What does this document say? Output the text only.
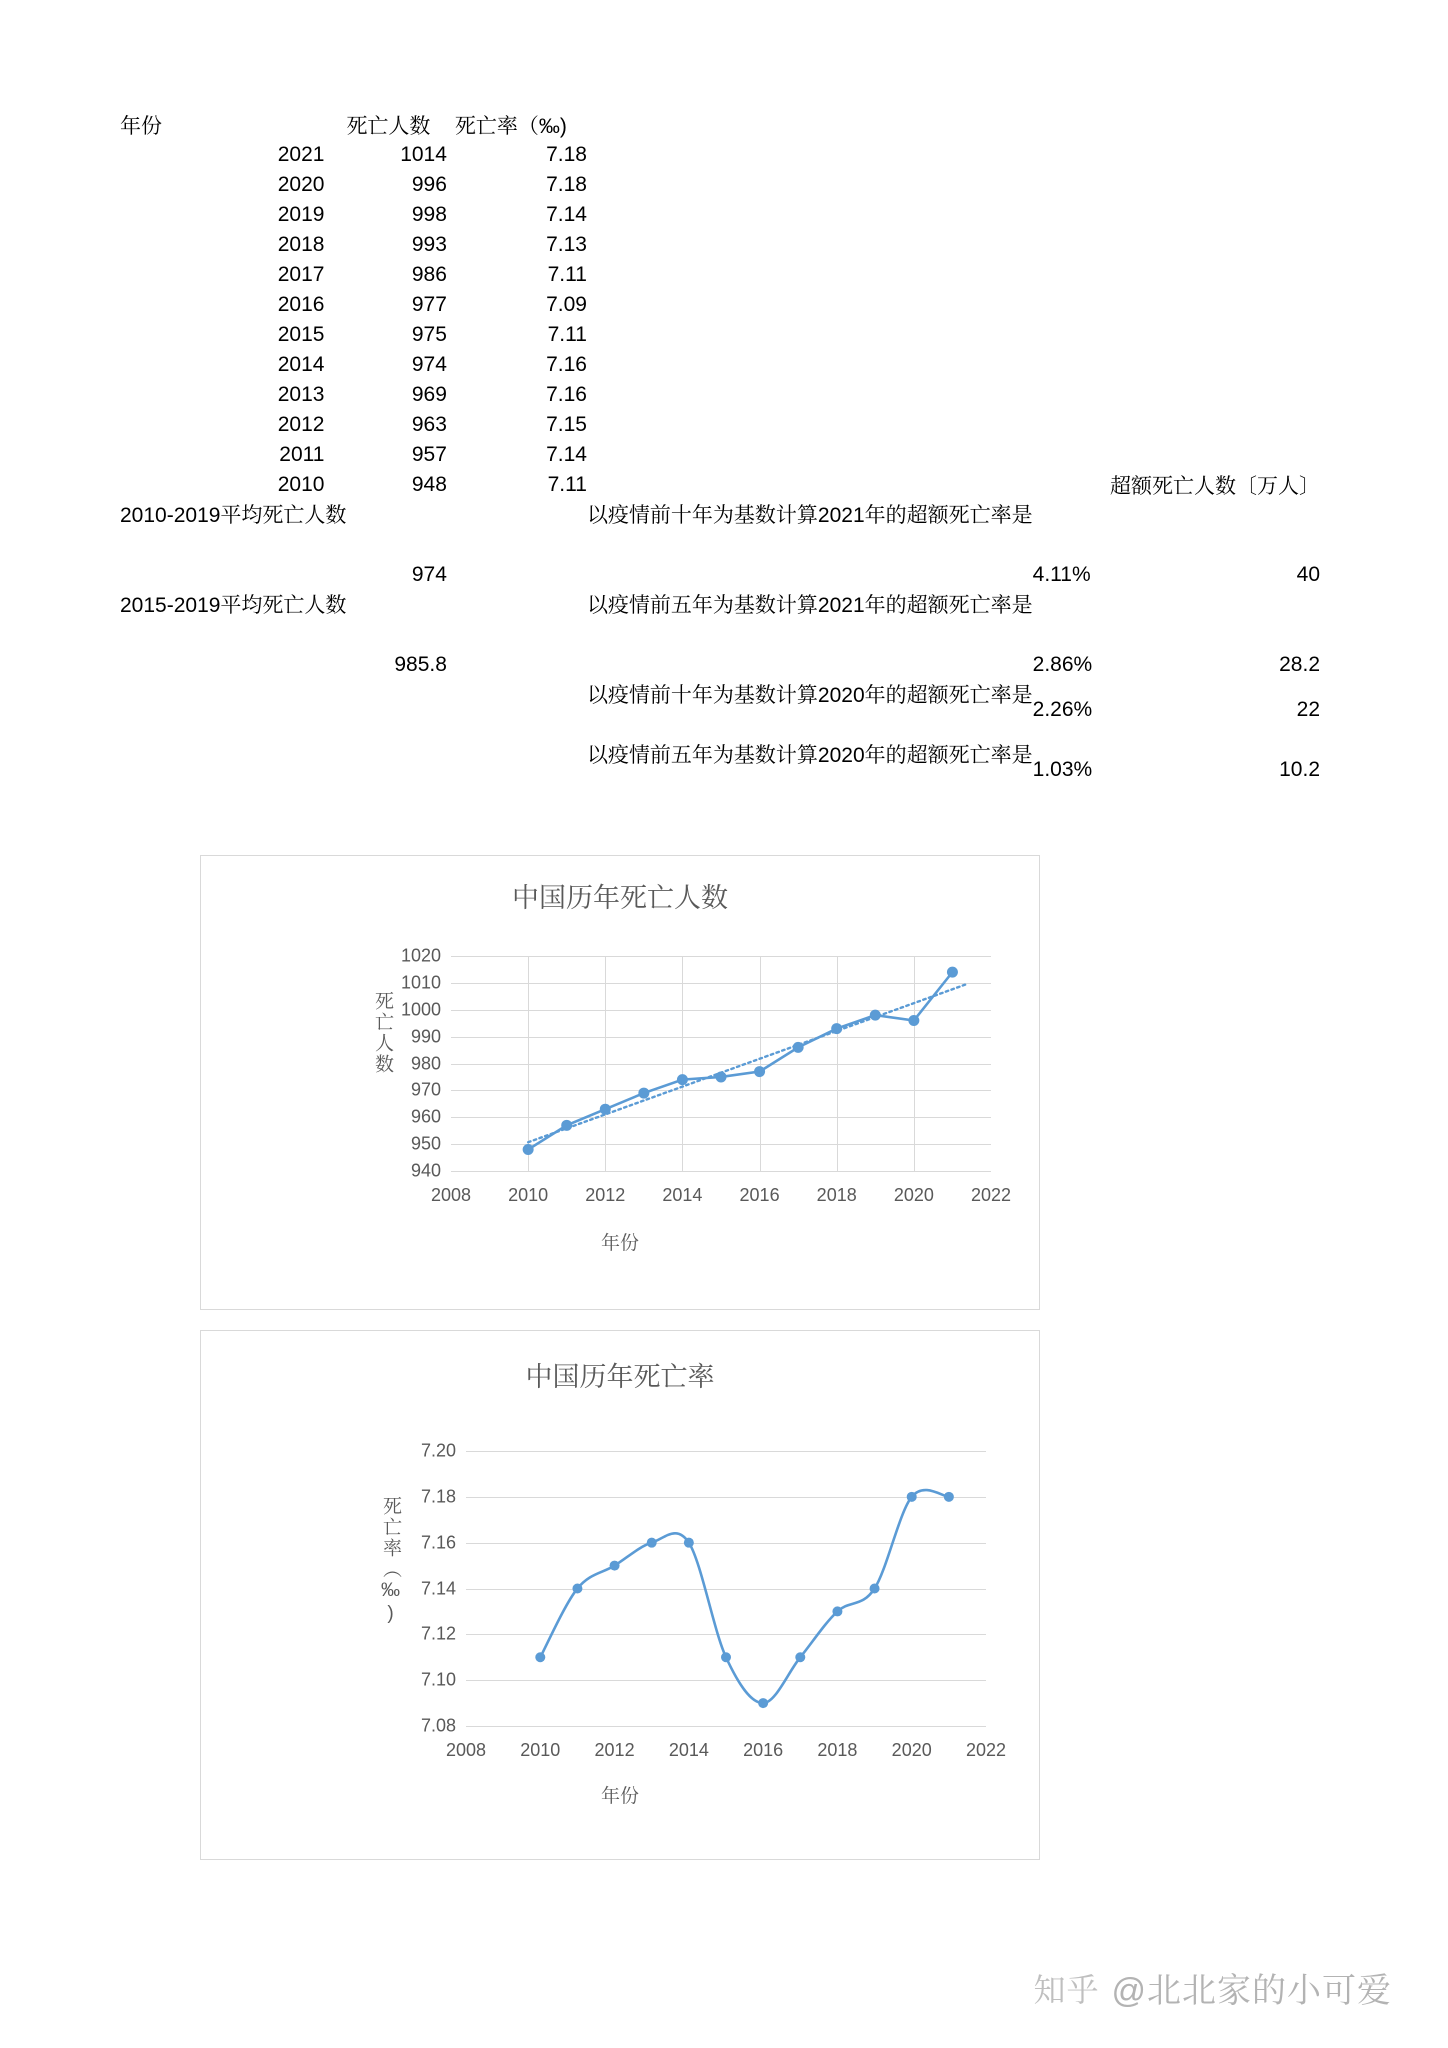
年份	死亡人数	死亡率（‰)			

2021	1014	7.18			

2020	996	7.18			

2019	998	7.14			

2018	993	7.13			

2017	986	7.11			

2016	977	7.09			

2015	975	7.11			

2014	974	7.16			

2013	969	7.16			

2012	963	7.15			

2011	957	7.14			

2010	948	7.11			超额死亡人数〔万人〕
2010-2019平均死亡人数			以疫情前十年为基数计算2021年的超额死亡率是		

	974			4.11%	40
2015-2019平均死亡人数			以疫情前五年为基数计算2021年的超额死亡率是		

	985.8			2.86%	28.2
			以疫情前十年为基数计算2020年的超额死亡率是	2.26%	22

			以疫情前五年为基数计算2020年的超额死亡率是	1.03%	10.2

中国历年死亡人数
死亡人数
年份
940
950
960
970
980
990
1000
1010
1020
2008 2010 2012 2014 2016 2018 2020 2022
中国历年死亡率
死亡率（‰)
年份
7.08
7.10
7.12
7.14
7.16
7.18
7.20
2008 2010 2012 2014 2016 2018 2020 2022
知乎 @北北家的小可爱
